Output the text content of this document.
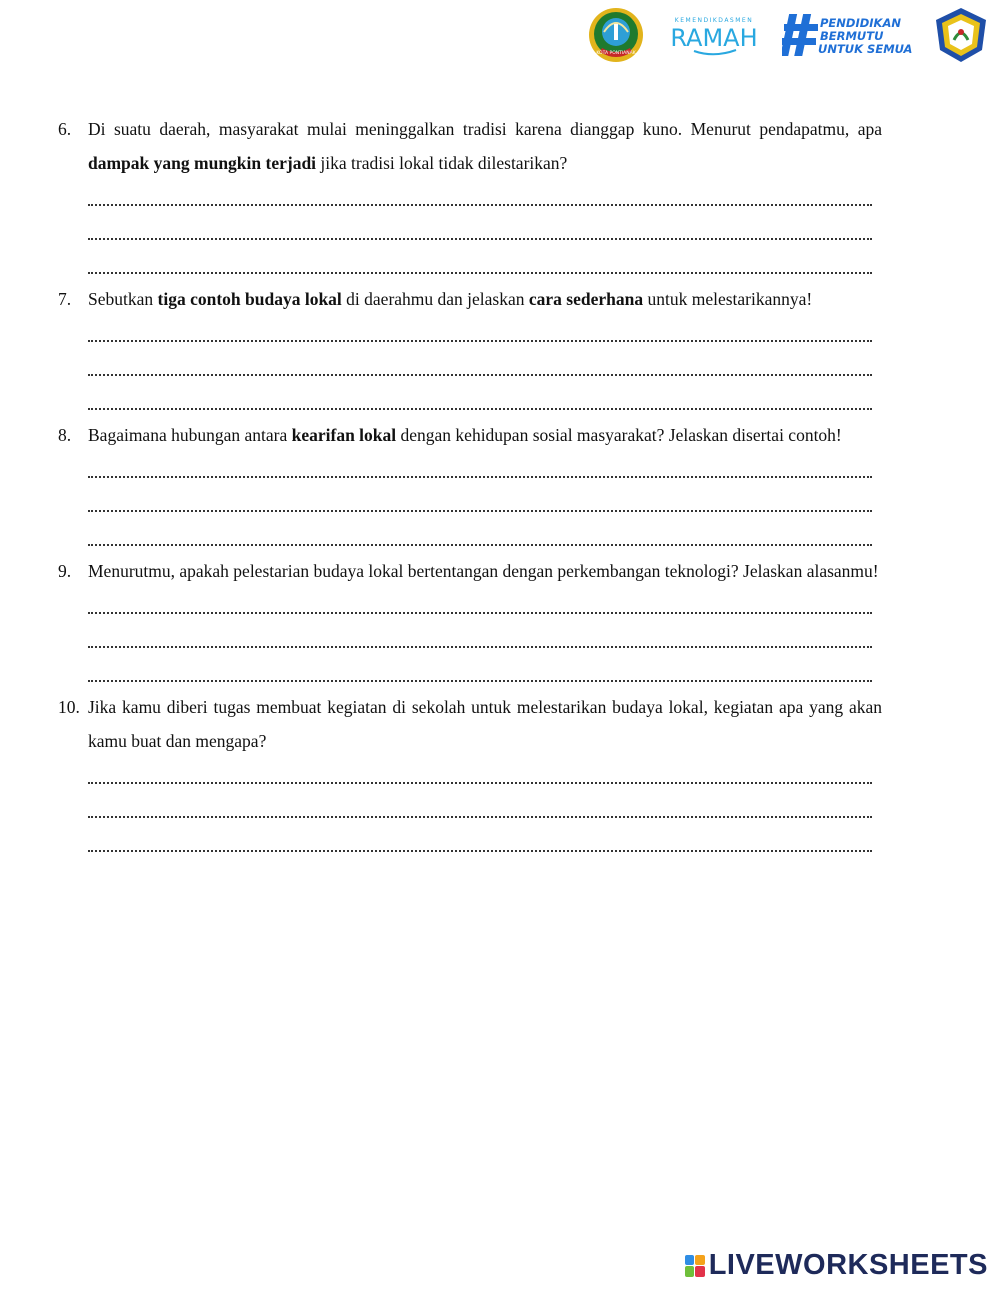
KOTA PONTIANAK
KEMENDIKDASMEN
RAMAH
PENDIDIKAN
BERMUTU
UNTUK SEMUA
6. Di suatu daerah, masyarakat mulai meninggalkan tradisi karena dianggap kuno. Menurut pendapatmu, apa dampak yang mungkin terjadi jika tradisi lokal tidak dilestarikan?
7. Sebutkan tiga contoh budaya lokal di daerahmu dan jelaskan cara sederhana untuk melestarikannya!
8. Bagaimana hubungan antara kearifan lokal dengan kehidupan sosial masyarakat? Jelaskan disertai contoh!
9. Menurutmu, apakah pelestarian budaya lokal bertentangan dengan perkembangan teknologi? Jelaskan alasanmu!
10. Jika kamu diberi tugas membuat kegiatan di sekolah untuk melestarikan budaya lokal, kegiatan apa yang akan kamu buat dan mengapa?
LIVEWORKSHEETS
